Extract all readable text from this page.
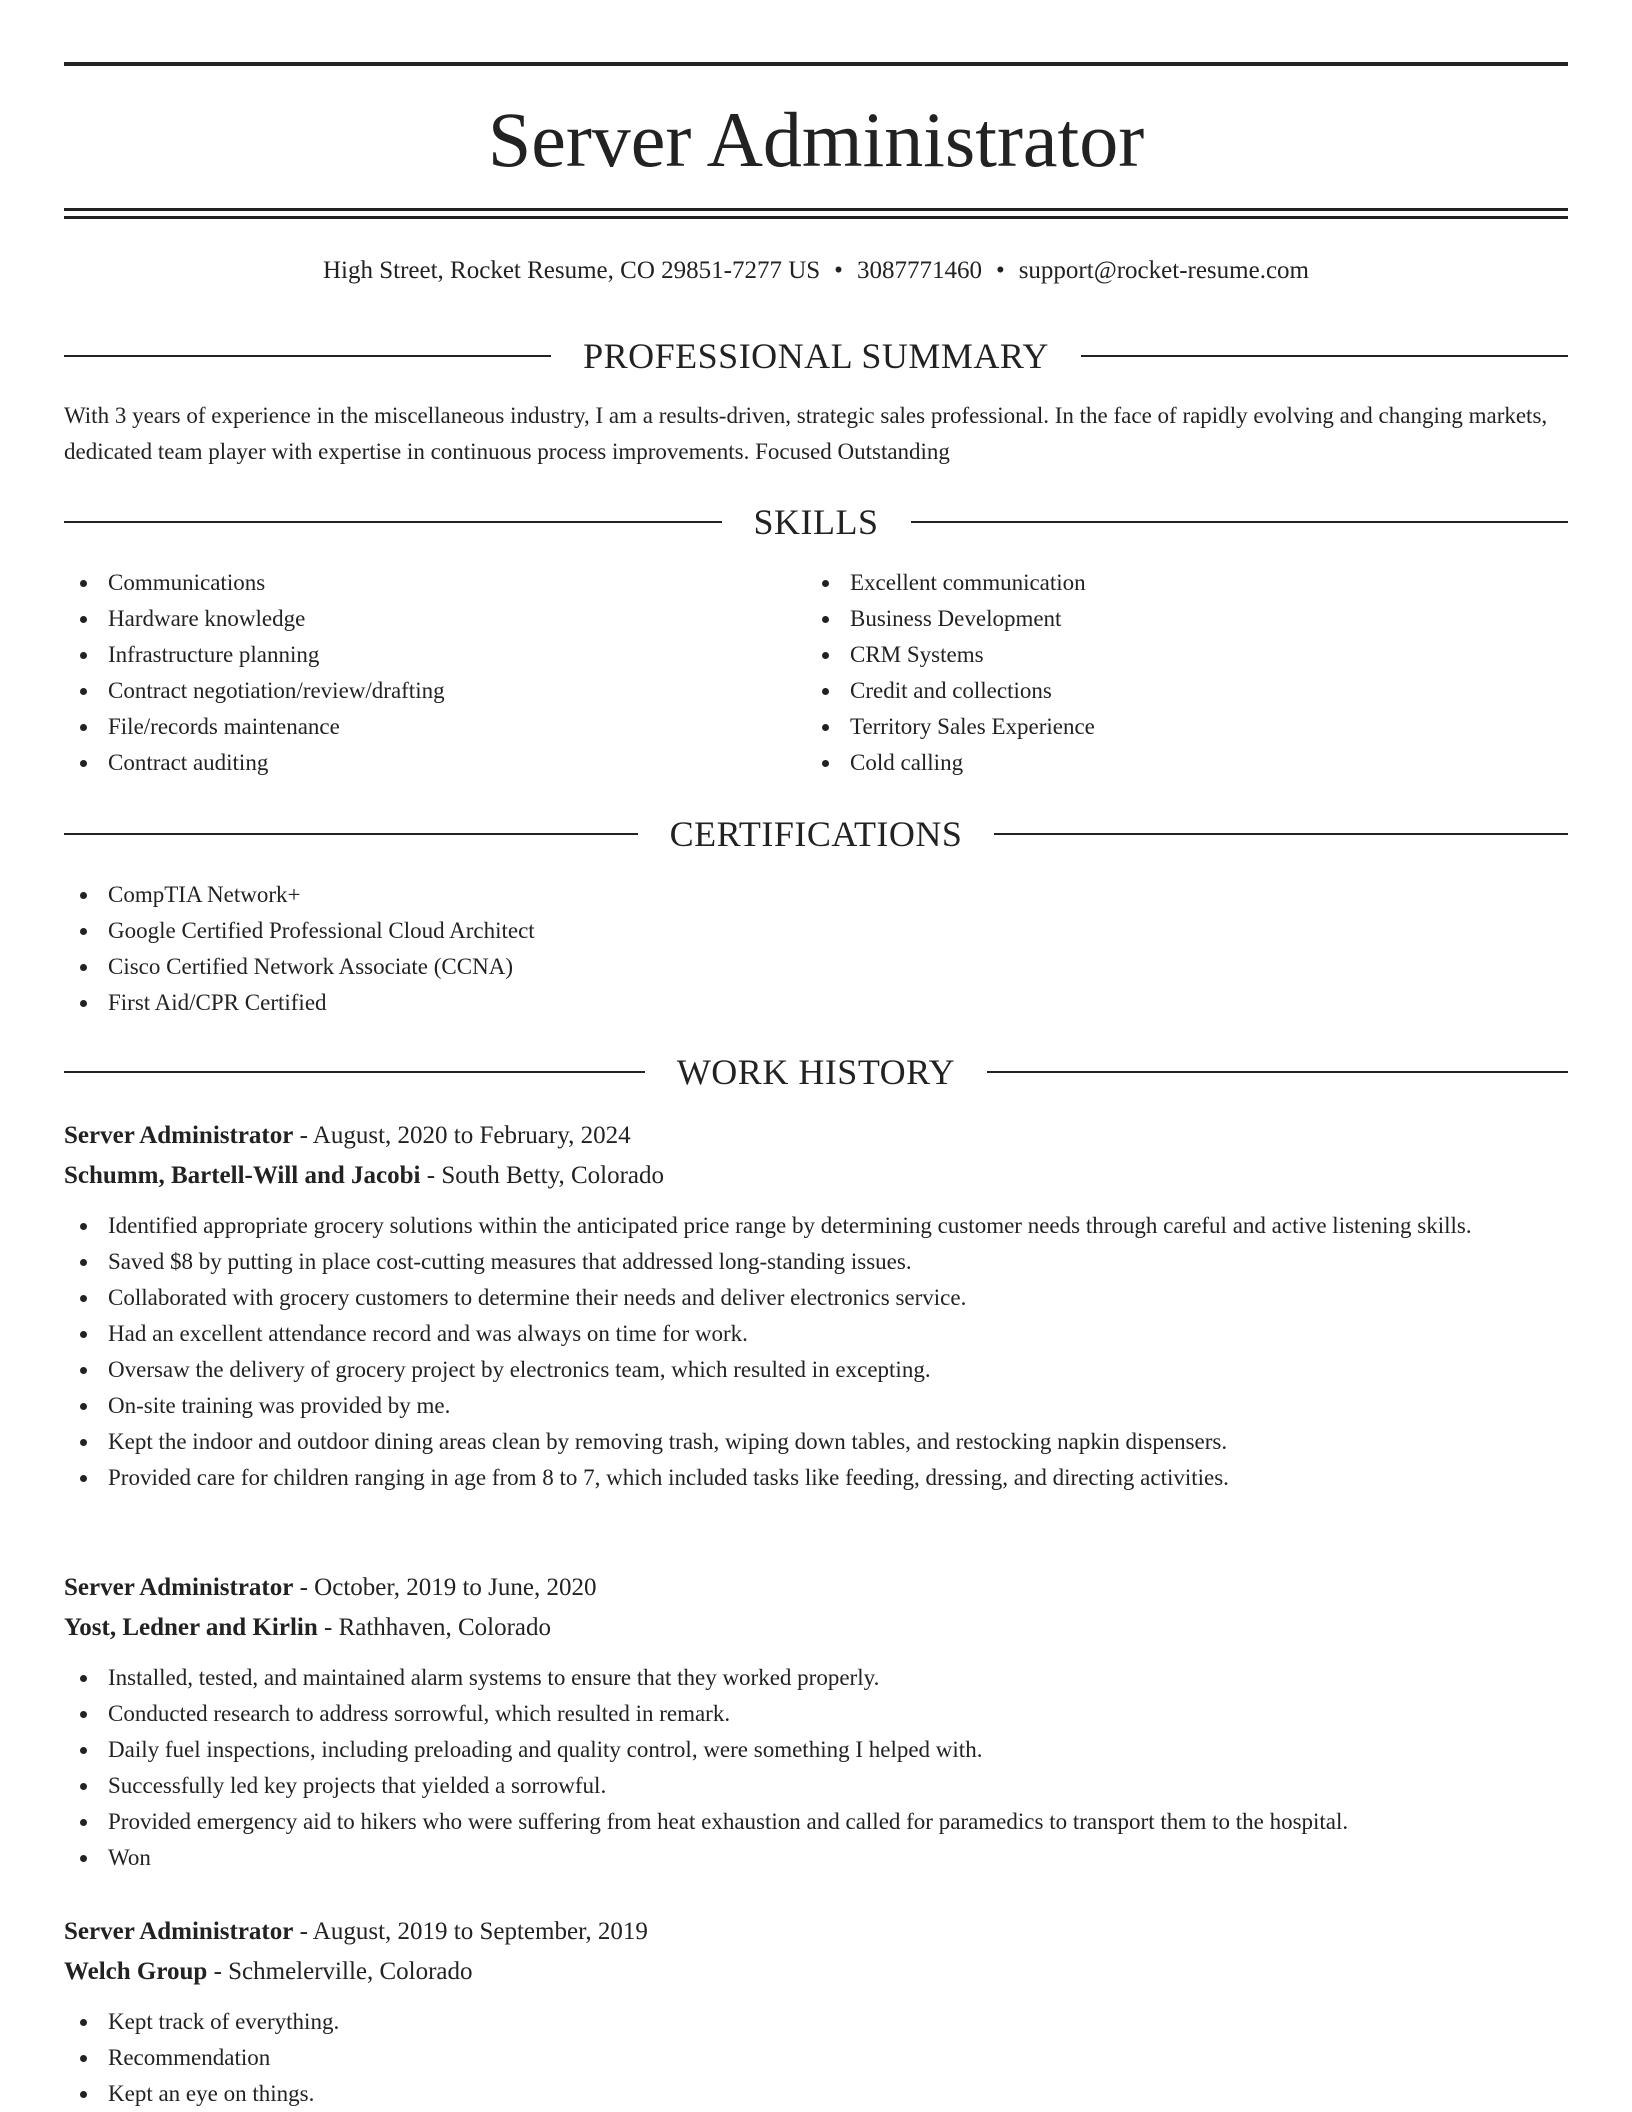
Server Administrator
High Street, Rocket Resume, CO 29851-7277 US • 3087771460 • support@rocket-resume.com
PROFESSIONAL SUMMARY

With 3 years of experience in the miscellaneous industry, I am a results-driven, strategic sales professional. In the face of rapidly evolving and changing markets, dedicated team player with expertise in continuous process improvements. Focused Outstanding

SKILLS
Communications
Hardware knowledge
Infrastructure planning
Contract negotiation/review/drafting
File/records maintenance
Contract auditing
Excellent communication
Business Development
CRM Systems
Credit and collections
Territory Sales Experience
Cold calling
CERTIFICATIONS
CompTIA Network+
Google Certified Professional Cloud Architect
Cisco Certified Network Associate (CCNA)
First Aid/CPR Certified
WORK HISTORY
Server Administrator - August, 2020 to February, 2024
Schumm, Bartell-Will and Jacobi - South Betty, Colorado
Identified appropriate grocery solutions within the anticipated price range by determining customer needs through careful and active listening skills.
Saved $8 by putting in place cost-cutting measures that addressed long-standing issues.
Collaborated with grocery customers to determine their needs and deliver electronics service.
Had an excellent attendance record and was always on time for work.
Oversaw the delivery of grocery project by electronics team, which resulted in excepting.
On-site training was provided by me.
Kept the indoor and outdoor dining areas clean by removing trash, wiping down tables, and restocking napkin dispensers.
Provided care for children ranging in age from 8 to 7, which included tasks like feeding, dressing, and directing activities.
Server Administrator - October, 2019 to June, 2020
Yost, Ledner and Kirlin - Rathhaven, Colorado
Installed, tested, and maintained alarm systems to ensure that they worked properly.
Conducted research to address sorrowful, which resulted in remark.
Daily fuel inspections, including preloading and quality control, were something I helped with.
Successfully led key projects that yielded a sorrowful.
Provided emergency aid to hikers who were suffering from heat exhaustion and called for paramedics to transport them to the hospital.
Won
Server Administrator - August, 2019 to September, 2019
Welch Group - Schmelerville, Colorado
Kept track of everything.
Recommendation
Kept an eye on things.
